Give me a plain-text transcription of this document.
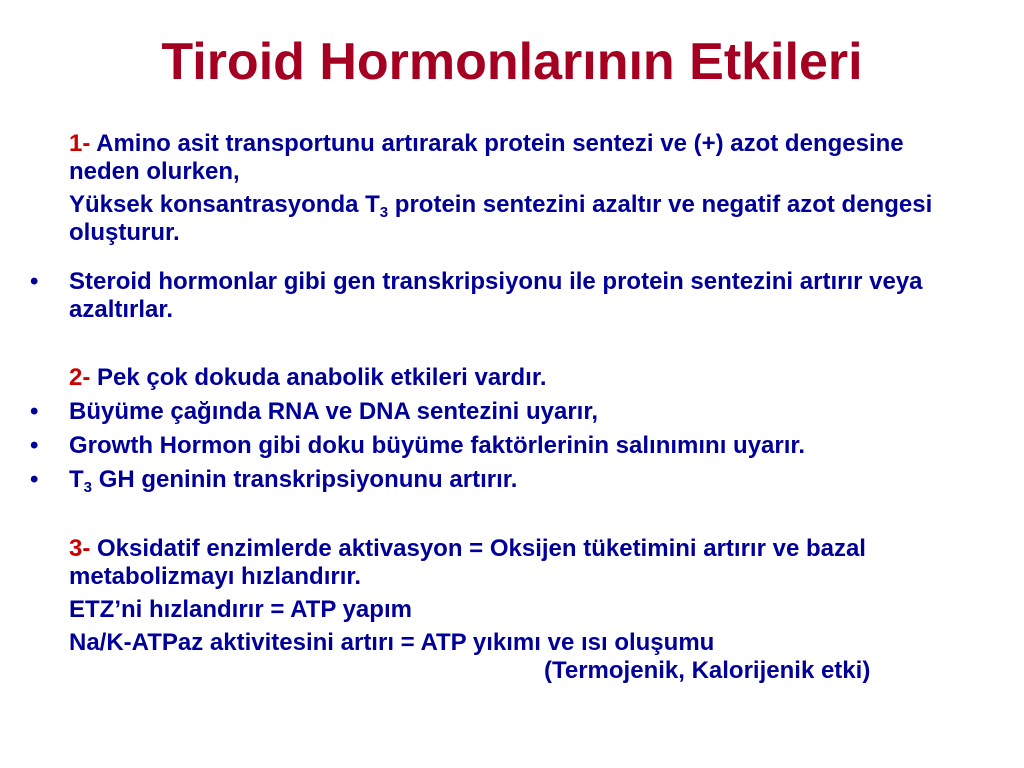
Tiroid Hormonlarının Etkileri
1- Amino asit transportunu artırarak protein sentezi ve (+) azot dengesine neden olurken,
Yüksek konsantrasyonda $T_3$ protein sentezini azaltır ve negatif azot dengesi oluşturur.
• Steroid hormonlar gibi gen transkripsiyonu ile protein sentezini artırır veya azaltırlar.
2- Pek çok dokuda anabolik etkileri vardır.
• Büyüme çağında RNA ve DNA sentezini uyarır,
• Growth Hormon gibi doku büyüme faktörlerinin salınımını uyarır.
• $T_3$ GH geninin transkripsiyonunu artırır.
3- Oksidatif enzimlerde aktivasyon = Oksijen tüketimini artırır ve bazal metabolizmayı hızlandırır.
ETZ’ni hızlandırır = ATP yapım
Na/K-ATPaz aktivitesini artırı = ATP yıkımı ve ısı oluşumu
(Termojenik, Kalorijenik etki)
